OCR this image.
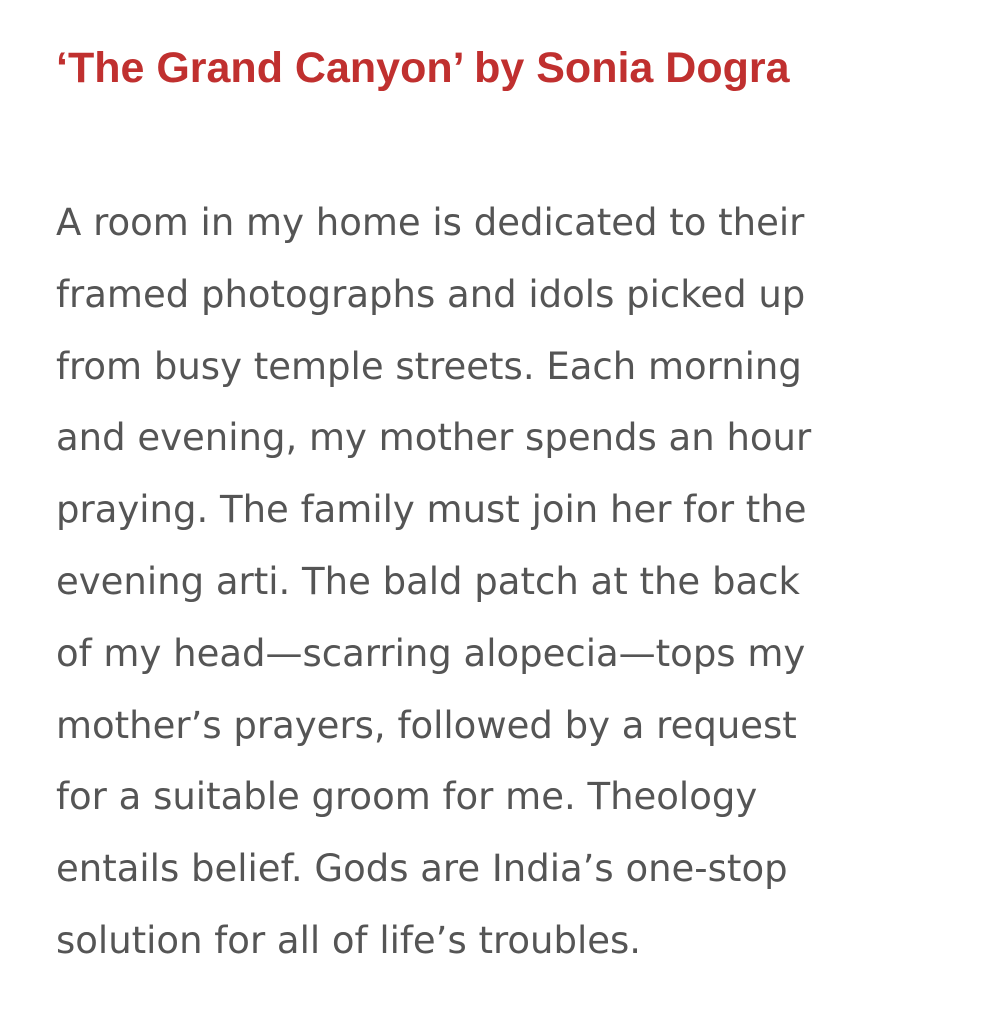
‘The Grand Canyon’ by Sonia Dogra

A room in my home is dedicated to their
framed photographs and idols picked up
from busy temple streets. Each morning
and evening, my mother spends an hour
praying. The family must join her for the
evening arti. The bald patch at the back
of my head—scarring alopecia—tops my
mother’s prayers, followed by a request
for a suitable groom for me. Theology
entails belief. Gods are India’s one-stop
solution for all of life’s troubles.
